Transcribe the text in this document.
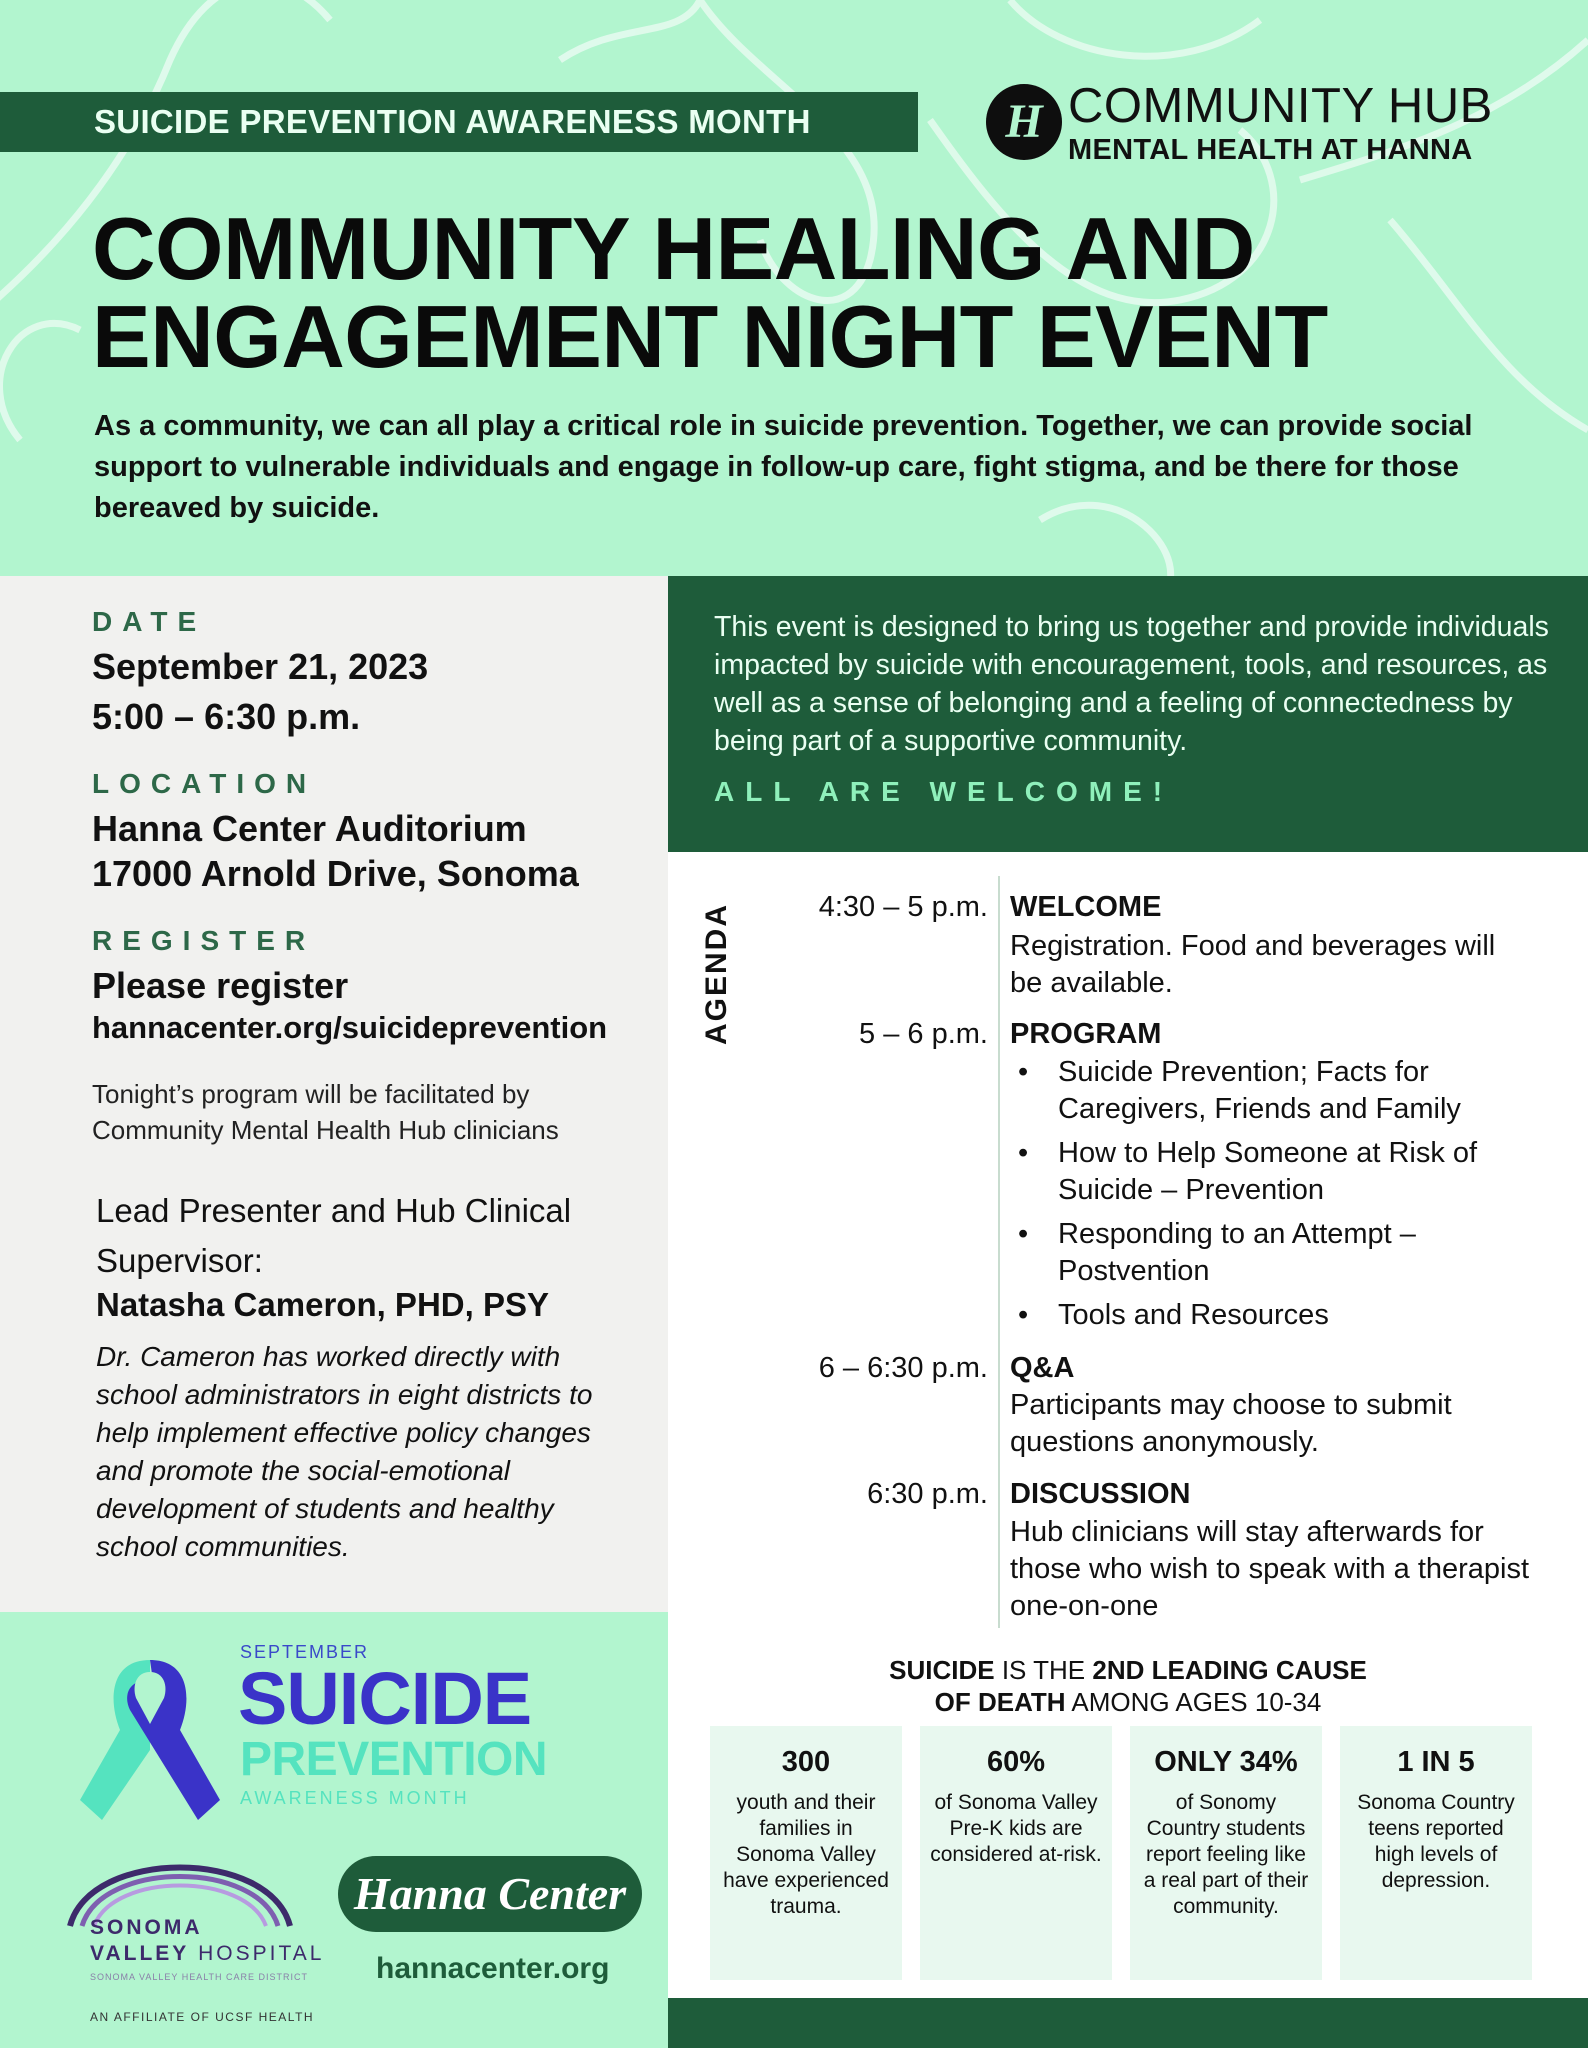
SUICIDE PREVENTION AWARENESS MONTH	H COMMUNITY HUB
MENTAL HEALTH AT HANNA
COMMUNITY HEALING AND
ENGAGEMENT NIGHT EVENT

As a community, we can all play a critical role in suicide prevention. Together, we can provide social support to vulnerable individuals and engage in follow-up care, fight stigma, and be there for those bereaved by suicide.

DATE
September 21, 2023
5:00 – 6:30 p.m.
LOCATION
Hanna Center Auditorium
17000 Arnold Drive, Sonoma
REGISTER
Please register
hannacenter.org/suicideprevention
Tonight’s program will be facilitated by Community Mental Health Hub clinicians
Lead Presenter and Hub Clinical Supervisor:
Natasha Cameron, PHD, PSY
Dr. Cameron has worked directly with school administrators in eight districts to help implement effective policy changes and promote the social-emotional development of students and healthy school communities.
SEPTEMBER
SUICIDE
PREVENTION
AWARENESS MONTH
SONOMA
VALLEY HOSPITAL
SONOMA VALLEY HEALTH CARE DISTRICT
AN AFFILIATE OF UCSF HEALTH
Hanna Center
hannacenter.org
This event is designed to bring us together and provide individuals impacted by suicide with encouragement, tools, and resources, as well as a sense of belonging and a feeling of connectedness by being part of a supportive community.
ALL ARE WELCOME!
AGENDA	4:30 – 5 p.m. WELCOME
Registration. Food and beverages will be available.
5 – 6 p.m. PROGRAM
• Suicide Prevention; Facts for Caregivers, Friends and Family
• How to Help Someone at Risk of Suicide – Prevention
• Responding to an Attempt – Postvention
• Tools and Resources
6 – 6:30 p.m. Q&A
Participants may choose to submit questions anonymously.
6:30 p.m. DISCUSSION
Hub clinicians will stay afterwards for those who wish to speak with a therapist one-on-one
SUICIDE IS THE 2ND LEADING CAUSE
OF DEATH AMONG AGES 10-34
300
youth and their families in Sonoma Valley have experienced trauma.
60%
of Sonoma Valley Pre-K kids are considered at-risk.
ONLY 34%
of Sonomy Country students report feeling like a real part of their community.
1 IN 5
Sonoma Country teens reported high levels of depression.
